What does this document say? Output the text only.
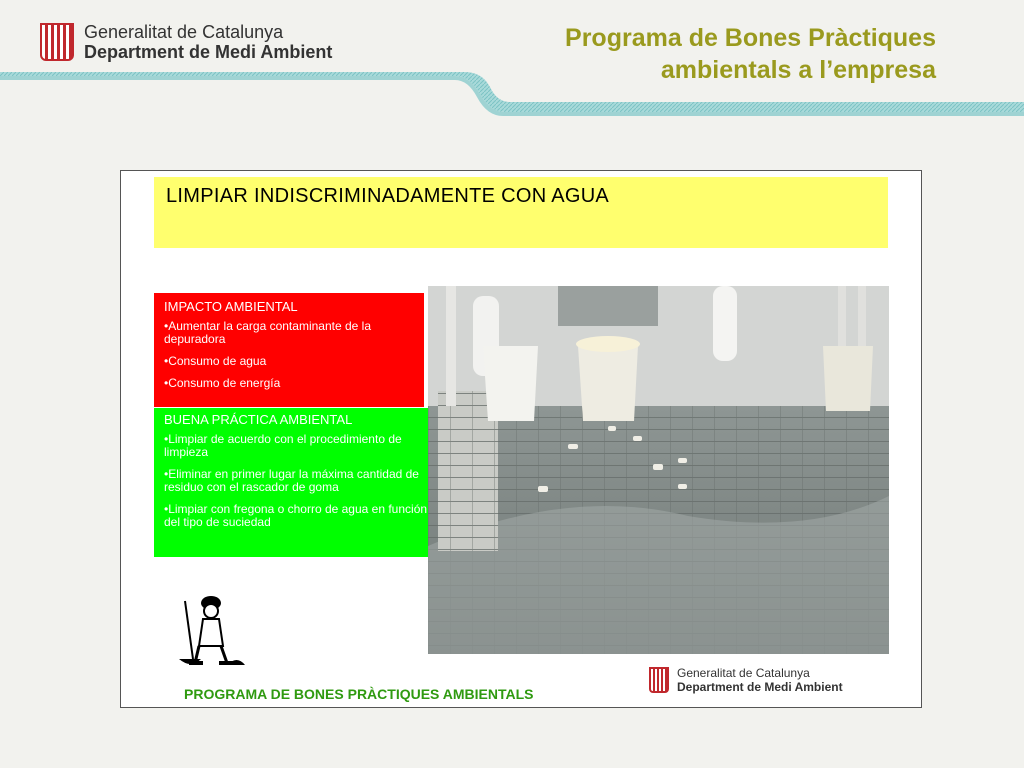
Generalitat de Catalunya
Department de Medi Ambient	Programa de Bones Pràctiques
ambientals a l’empresa
LIMPIAR INDISCRIMINADAMENTE CON AGUA
IMPACTO AMBIENTAL
•Aumentar la carga contaminante de la depuradora
•Consumo de agua
•Consumo de energía
BUENA PRÁCTICA AMBIENTAL
•Limpiar de acuerdo con el procedimiento de limpieza
•Eliminar en primer lugar la máxima cantidad de residuo con el rascador de goma
•Limpiar con fregona o chorro de agua en función del tipo de suciedad
PROGRAMA DE BONES PRÀCTIQUES AMBIENTALS
Generalitat de Catalunya
Department de Medi Ambient
